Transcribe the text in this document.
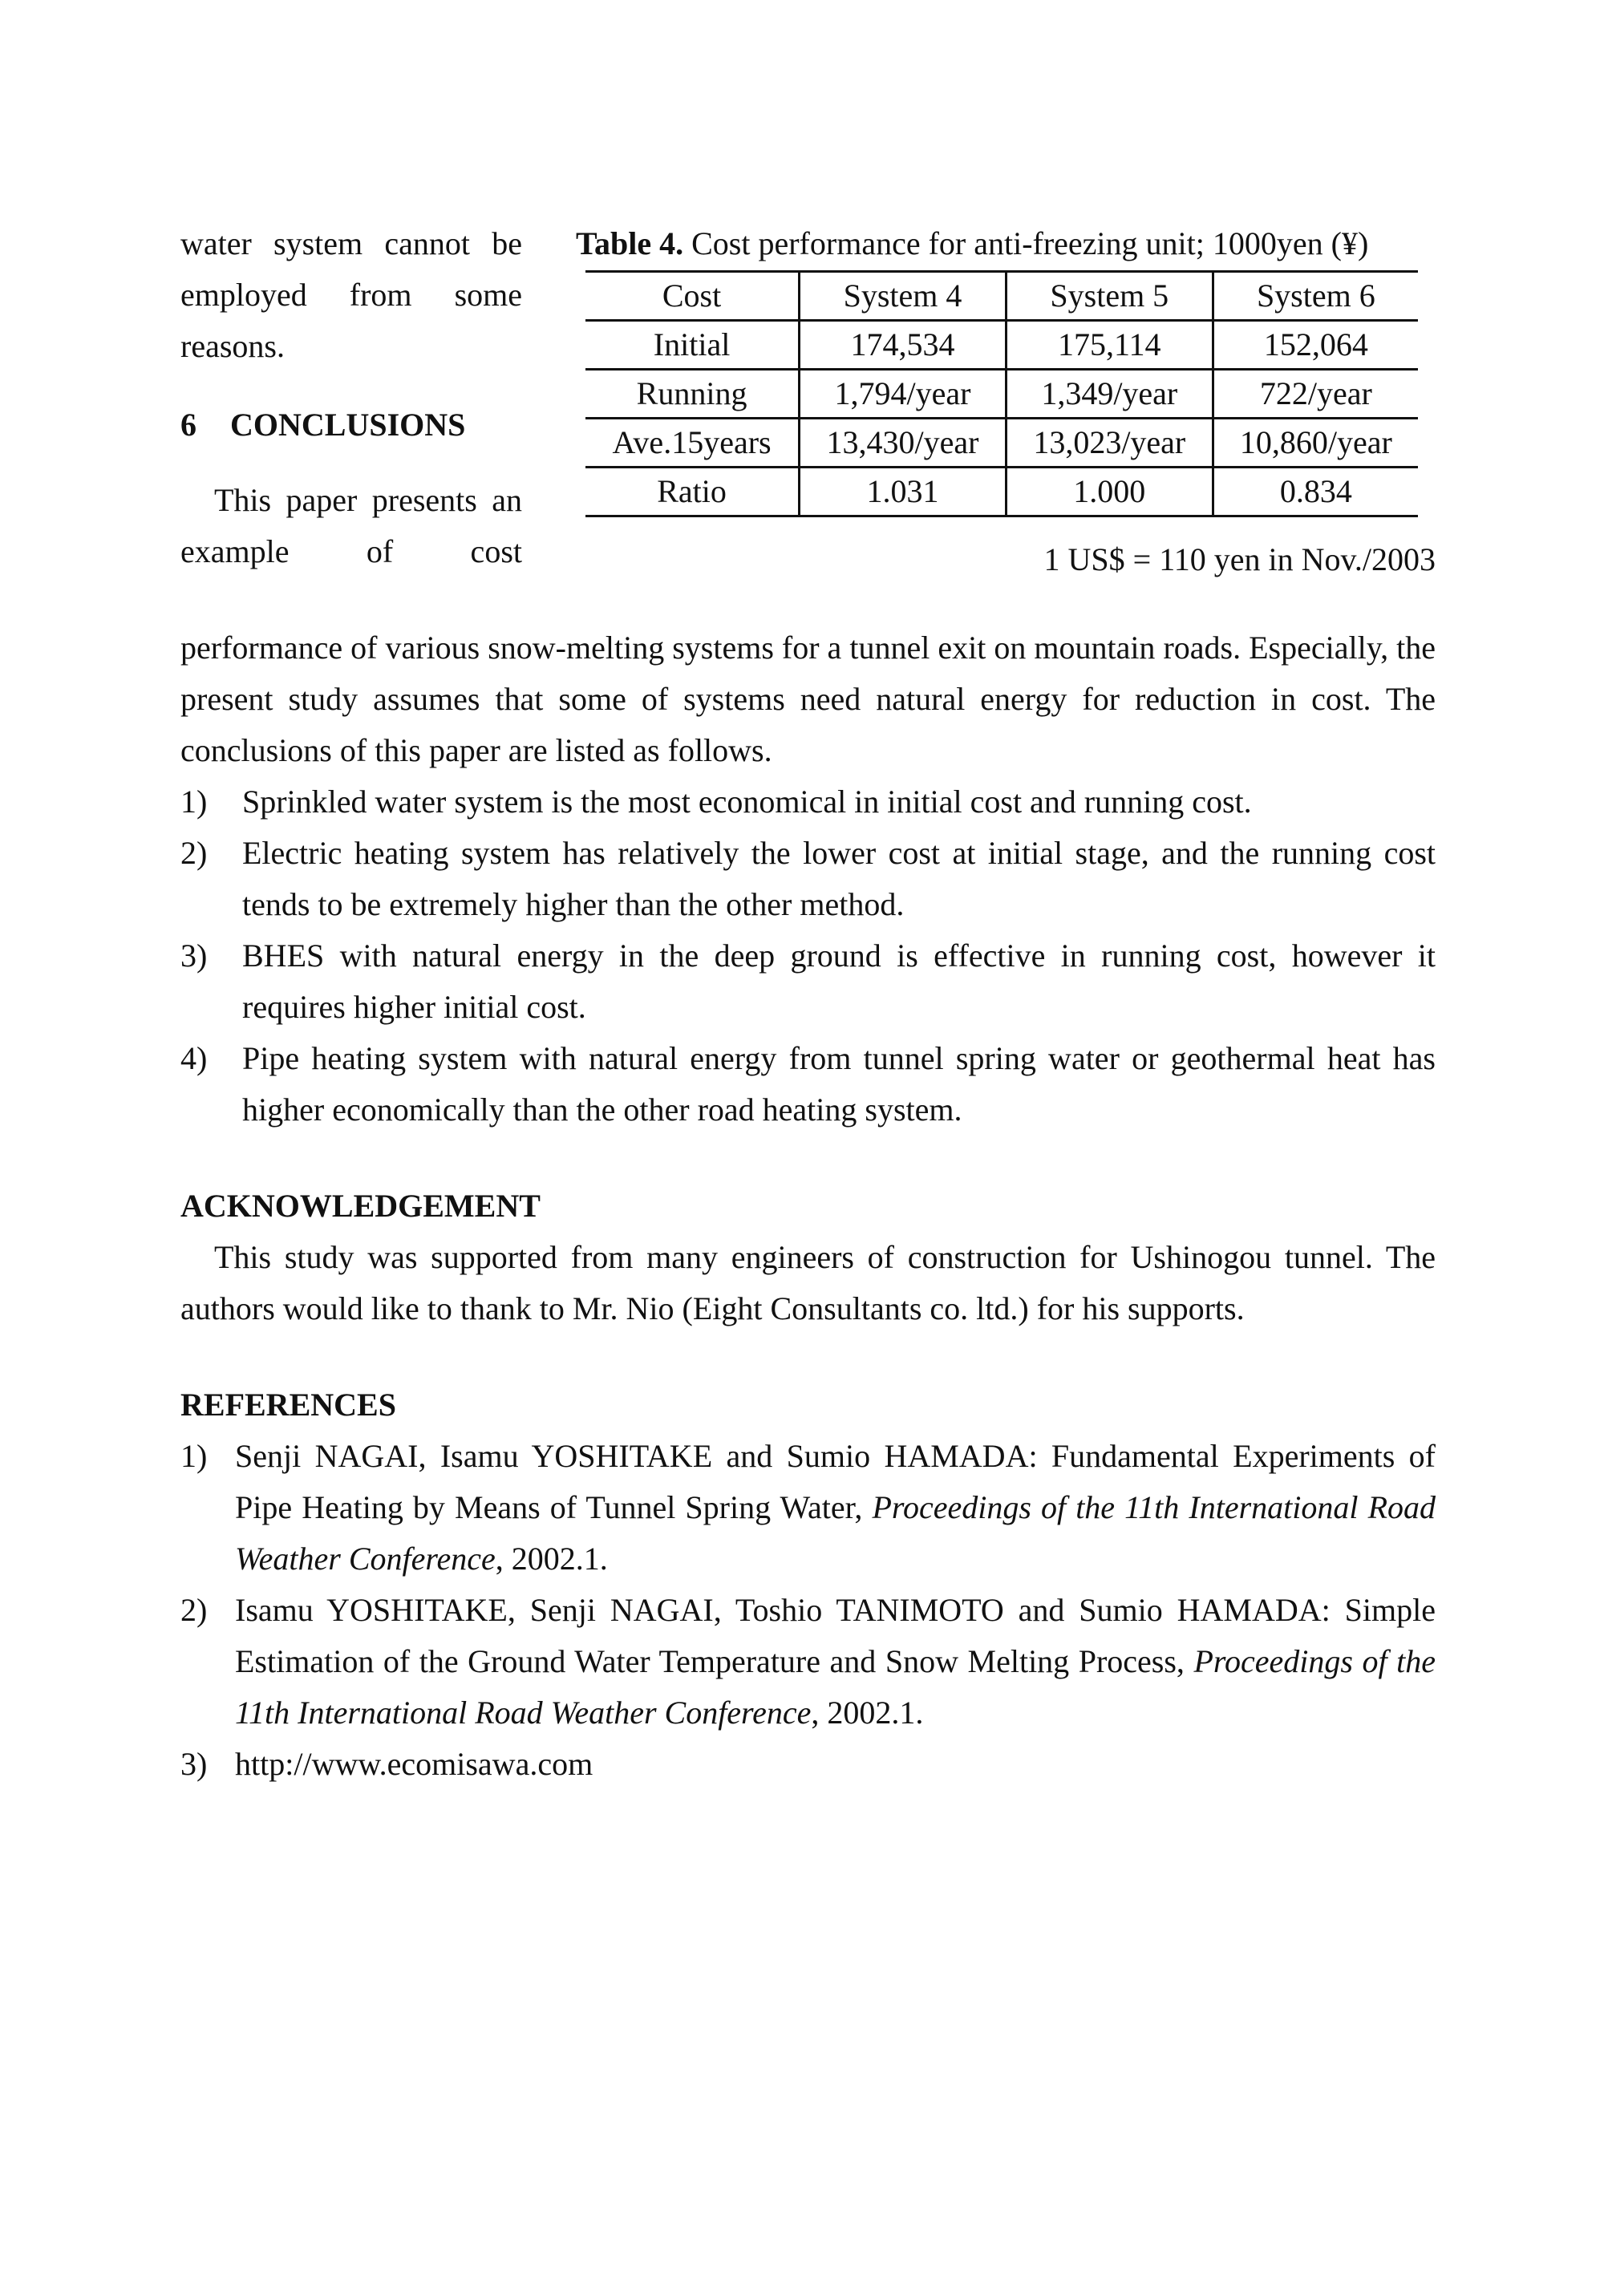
water system cannot be

employed from some

reasons.

6	CONCLUSIONS

This paper presents an

example of cost

Table 4. Cost performance for anti-freezing unit; 1000yen (¥)
Cost	System 4	System 5	System 6
Initial	174,534	175,114	152,064
Running	1,794/year	1,349/year	722/year
Ave.15years	13,430/year	13,023/year	10,860/year
Ratio	1.031	1.000	0.834
1 US$ = 110 yen in Nov./2003

performance of various snow-melting systems for a tunnel exit on mountain roads. Especially, the present study assumes that some of systems need natural energy for reduction in cost. The conclusions of this paper are listed as follows.

1)	Sprinkled water system is the most economical in initial cost and running cost.
2)	Electric heating system has relatively the lower cost at initial stage, and the running cost tends to be extremely higher than the other method.
3)	BHES with natural energy in the deep ground is effective in running cost, however it requires higher initial cost.
4)	Pipe heating system with natural energy from tunnel spring water or geothermal heat has higher economically than the other road heating system.
ACKNOWLEDGEMENT
This study was supported from many engineers of construction for Ushinogou tunnel. The authors would like to thank to Mr. Nio (Eight Consultants co. ltd.) for his supports.
REFERENCES
1) Senji NAGAI, Isamu YOSHITAKE and Sumio HAMADA: Fundamental Experiments of Pipe Heating by Means of Tunnel Spring Water, Proceedings of the 11th International Road Weather Conference, 2002.1.
2) Isamu YOSHITAKE, Senji NAGAI, Toshio TANIMOTO and Sumio HAMADA: Simple Estimation of the Ground Water Temperature and Snow Melting Process, Proceedings of the 11th International Road Weather Conference, 2002.1.
3) http://www.ecomisawa.com
